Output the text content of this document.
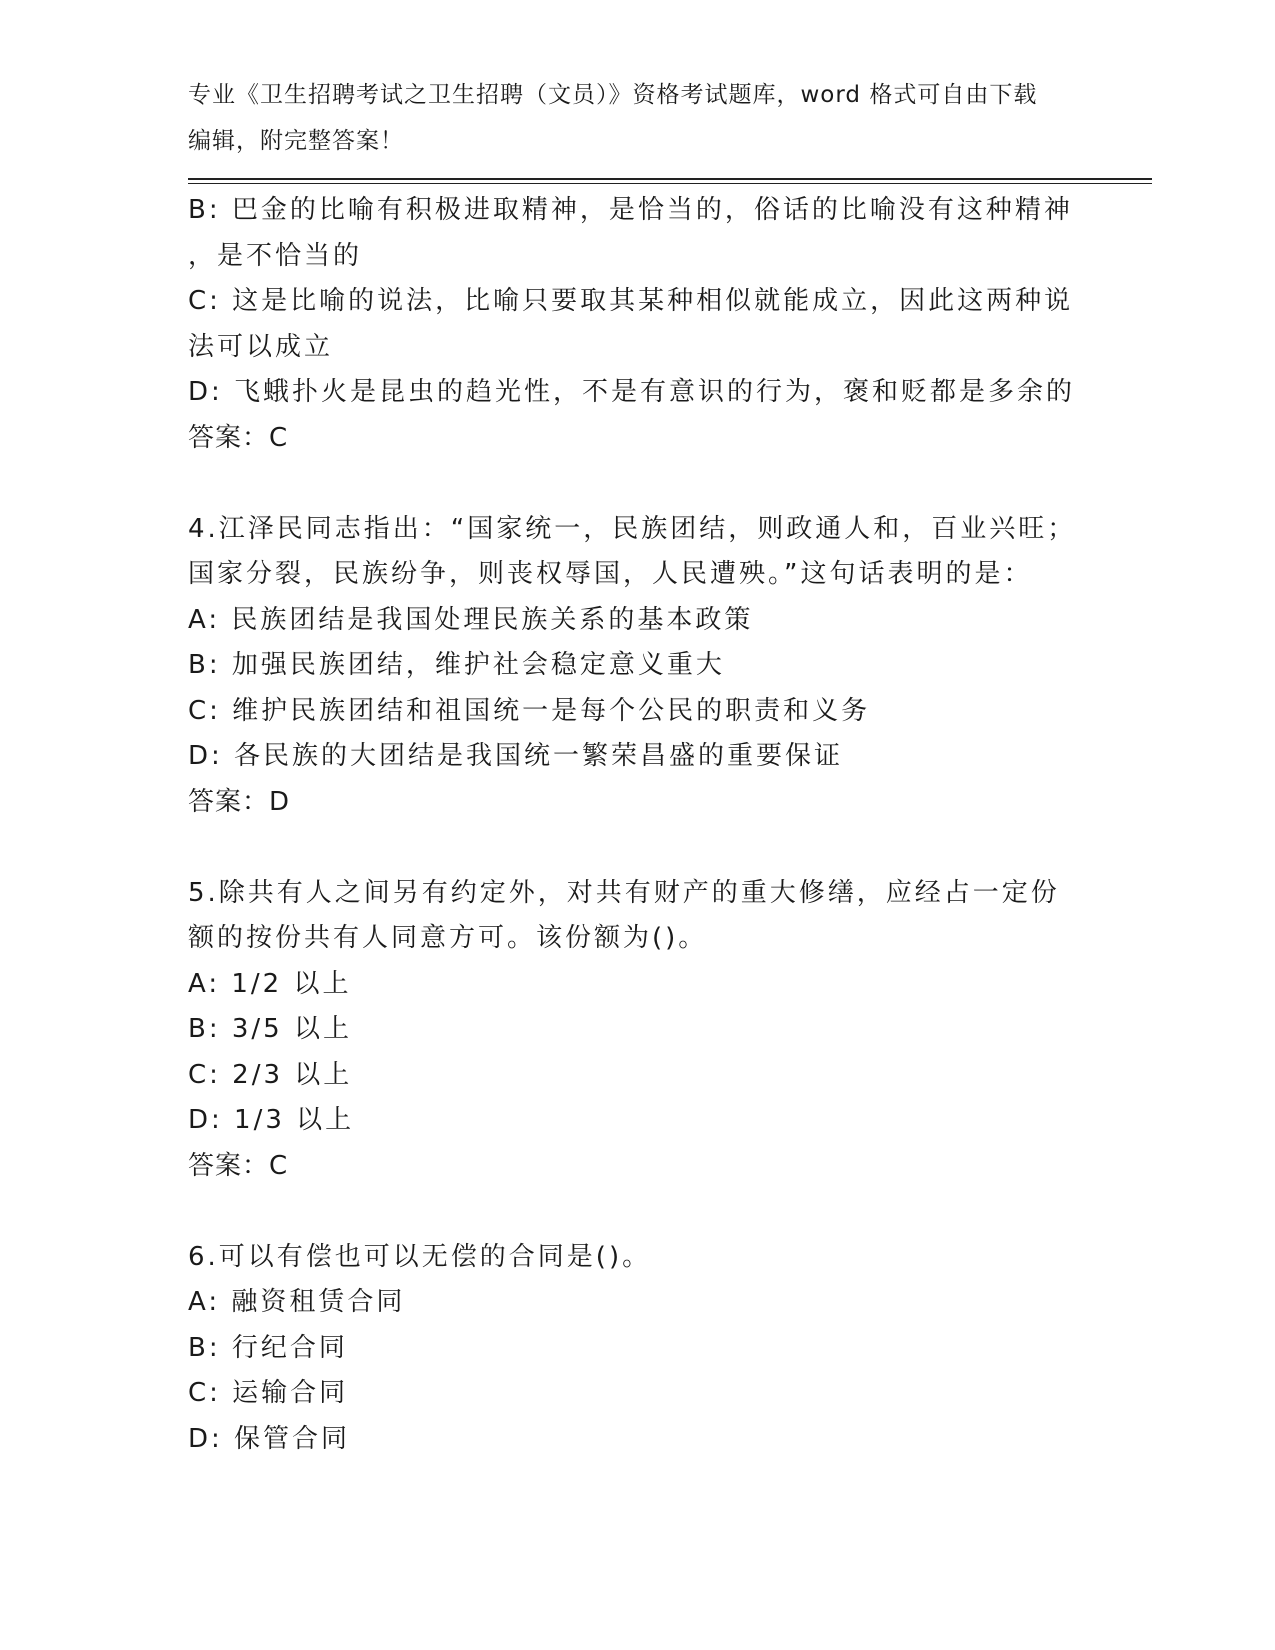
专业《卫生招聘考试之卫生招聘（文员）》资格考试题库，word 格式可自由下载
编辑，附完整答案！
B: 巴金的比喻有积极进取精神，是恰当的，俗话的比喻没有这种精神
，是不恰当的
C: 这是比喻的说法，比喻只要取其某种相似就能成立，因此这两种说
法可以成立
D: 飞蛾扑火是昆虫的趋光性，不是有意识的行为，褒和贬都是多余的
答案：C
4.江泽民同志指出：“国家统一，民族团结，则政通人和，百业兴旺；
国家分裂，民族纷争，则丧权辱国，人民遭殃。”这句话表明的是：
A: 民族团结是我国处理民族关系的基本政策
B: 加强民族团结，维护社会稳定意义重大
C: 维护民族团结和祖国统一是每个公民的职责和义务
D: 各民族的大团结是我国统一繁荣昌盛的重要保证
答案：D
5.除共有人之间另有约定外，对共有财产的重大修缮，应经占一定份
额的按份共有人同意方可。该份额为()。
A: 1/2 以上
B: 3/5 以上
C: 2/3 以上
D: 1/3 以上
答案：C
6.可以有偿也可以无偿的合同是()。
A: 融资租赁合同
B: 行纪合同
C: 运输合同
D: 保管合同
